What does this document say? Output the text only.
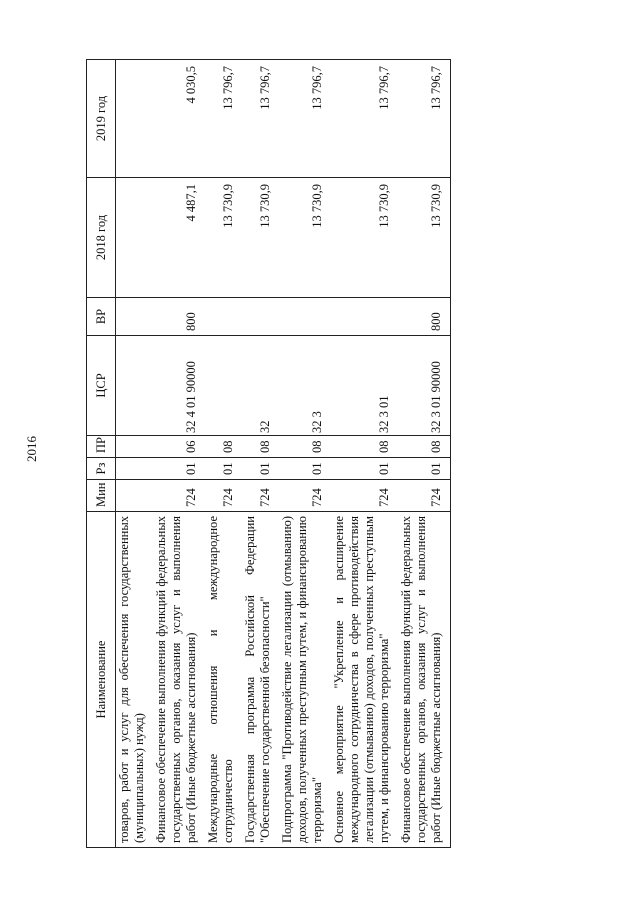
2016
Наименование	Мин	Рз	ПР	ЦСР	ВР	2018 год	2019 год
товаров, работ и услуг для обеспечения государственных (муниципальных) нужд)							
Финансовое обеспечение выполнения функций федеральных государственных органов, оказания услуг и выполнения работ (Иные бюджетные ассигнования)	724	01	06	32 4 01 90000	800	4 487,1	4 030,5
Международные отношения и международное сотрудничество	724	01	08			13 730,9	13 796,7
Государственная программа Российской Федерации "Обеспечение государственной безопасности"	724	01	08	32		13 730,9	13 796,7
Подпрограмма "Противодействие легализации (отмыванию) доходов, полученных преступным путем, и финансированию терроризма"	724	01	08	32 3		13 730,9	13 796,7
Основное мероприятие "Укрепление и расширение международного сотрудничества в сфере противодействия легализации (отмыванию) доходов, полученных преступным путем, и финансированию терроризма"	724	01	08	32 3 01		13 730,9	13 796,7
Финансовое обеспечение выполнения функций федеральных государственных органов, оказания услуг и выполнения работ (Иные бюджетные ассигнования)	724	01	08	32 3 01 90000	800	13 730,9	13 796,7
